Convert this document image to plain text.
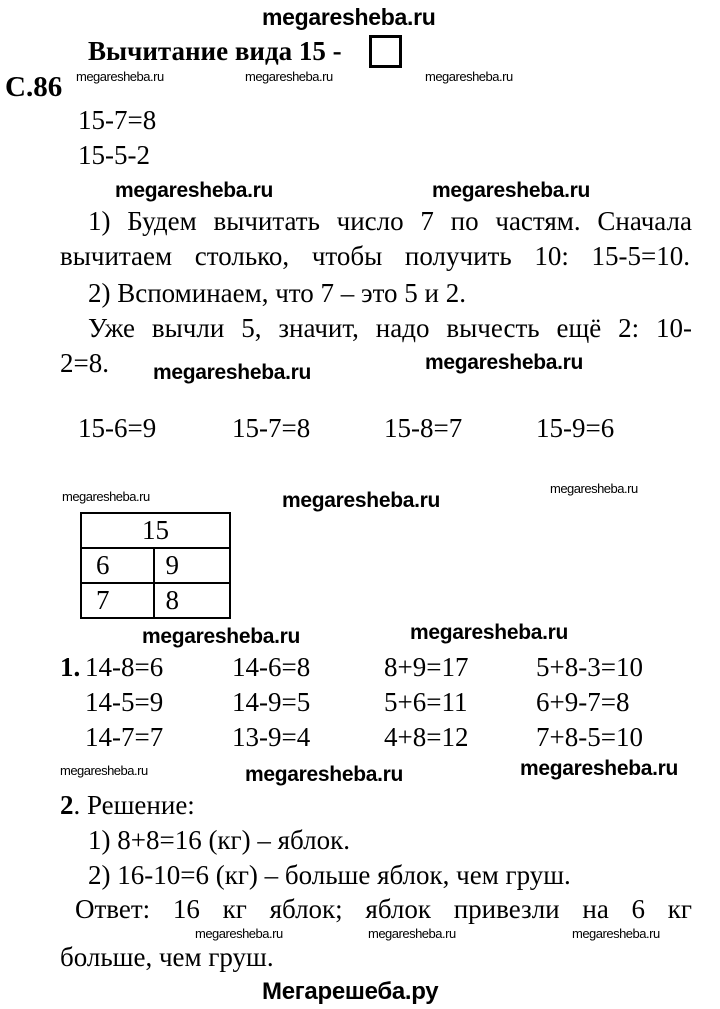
megaresheba.ru
Вычитание вида 15 -
С.86 megaresheba.ru	megaresheba.ru	megaresheba.ru
15-7=8
15-5-2
megaresheba.ru	megaresheba.ru
1) Будем вычитать число 7 по частям. Сначала
вычитаем столько, чтобы получить 10: 15-5=10.
2) Вспоминаем, что 7 – это 5 и 2.
Уже вычли 5, значит, надо вычесть ещё 2: 10-
2=8. megaresheba.ru	megaresheba.ru
15-6=9	15-7=8	15-8=7	15-9=6
megaresheba.ru	megaresheba.ru
megaresheba.ru
15	
6	9
7	8
megaresheba.ru	megaresheba.ru
1. 14-8=6	14-6=8	8+9=17	5+8-3=10
14-5=9	14-9=5	5+6=11	6+9-7=8
14-7=7	13-9=4	4+8=12	7+8-5=10
megaresheba.ru	megaresheba.ru	megaresheba.ru
2. Решение:
1) 8+8=16 (кг) – яблок.
2) 16-10=6 (кг) – больше яблок, чем груш.
Ответ: 16 кг яблок; яблок привезли на 6 кг
megaresheba.ru	megaresheba.ru	megaresheba.ru
больше, чем груш.
Мегарешеба.ру
